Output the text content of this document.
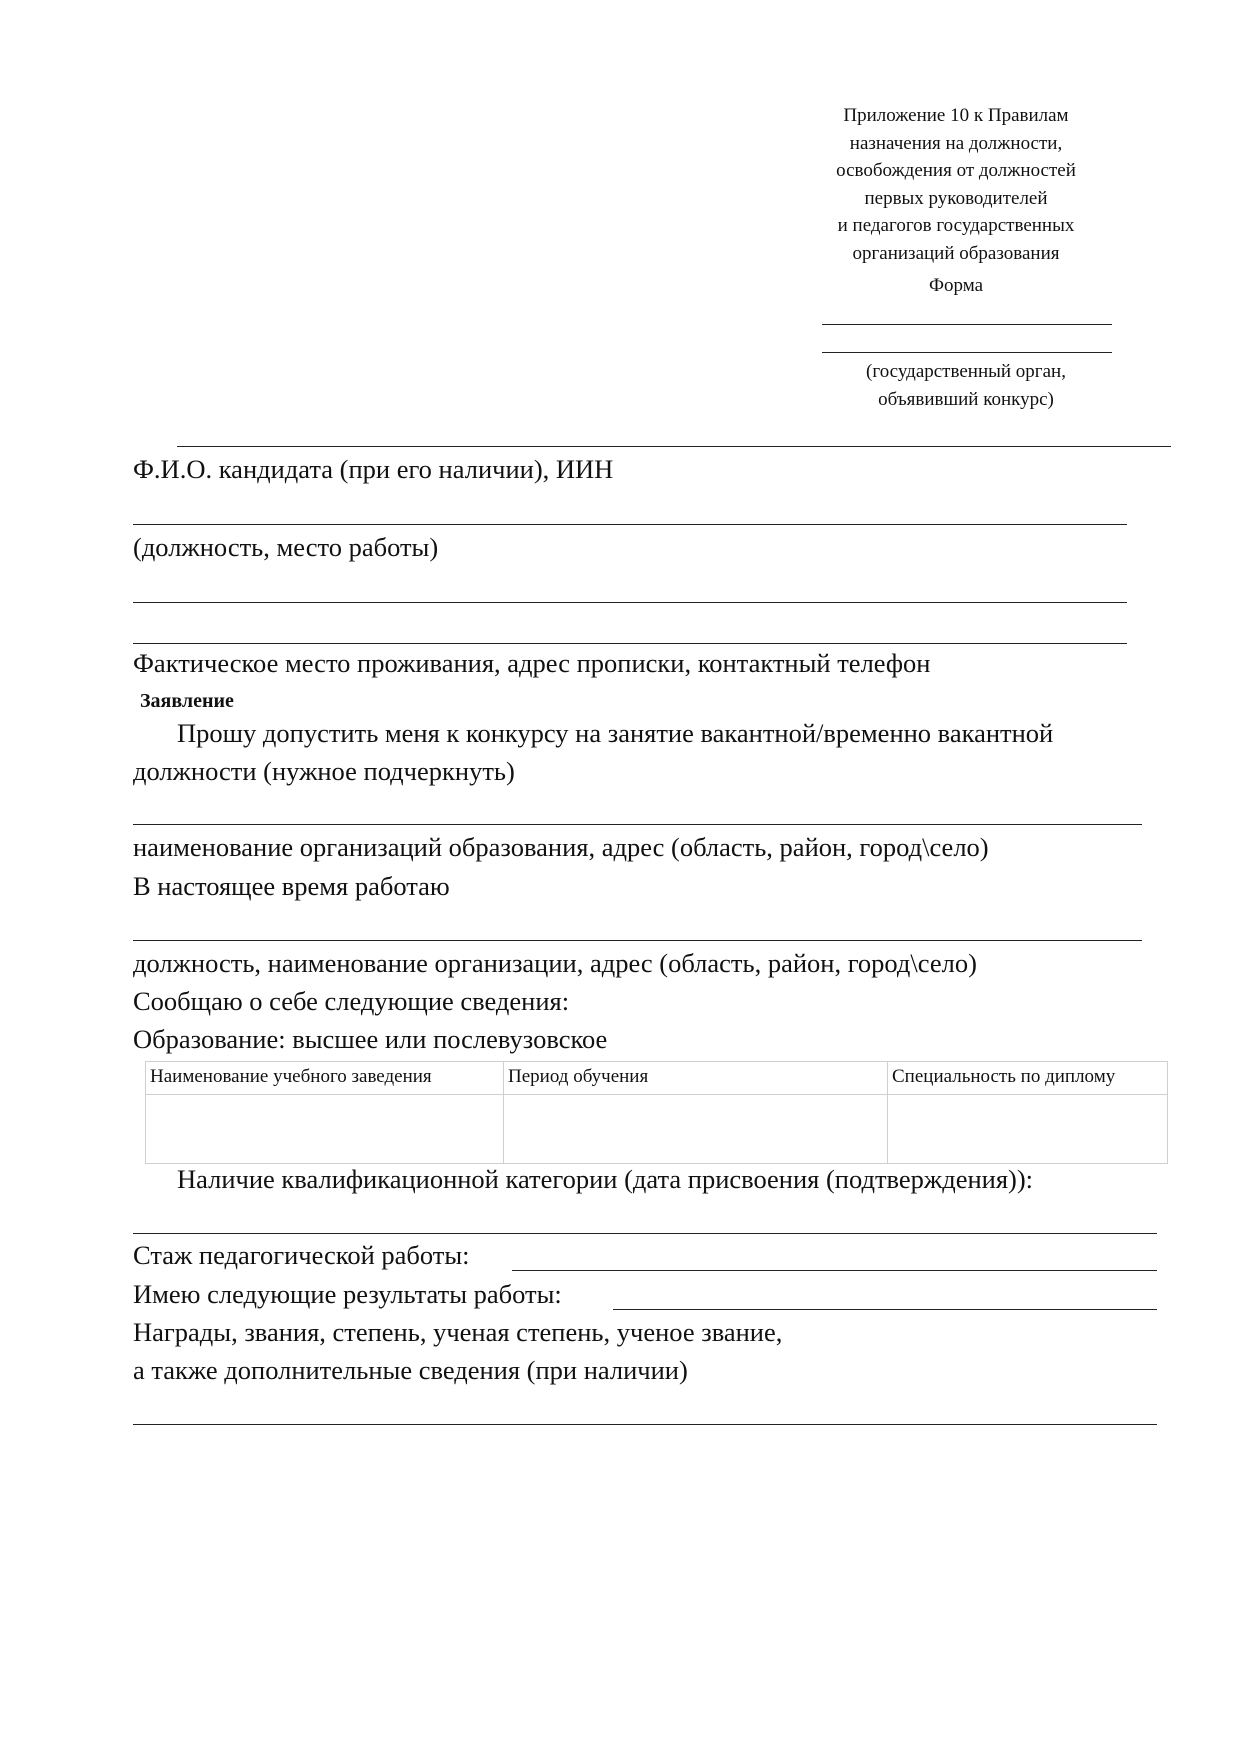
Приложение 10 к Правилам
назначения на должности,
освобождения от должностей
первых руководителей
и педагогов государственных
организаций образования
Форма
(государственный орган,
объявивший конкурс)
Ф.И.О. кандидата (при его наличии), ИИН
(должность, место работы)
Фактическое место проживания, адрес прописки, контактный телефон
Заявление
Прошу допустить меня к конкурсу на занятие вакантной/временно вакантной
должности (нужное подчеркнуть)
наименование организаций образования, адрес (область, район, город\село)
В настоящее время работаю
должность, наименование организации, адрес (область, район, город\село)
Сообщаю о себе следующие сведения:
Образование: высшее или послевузовское
Наименование учебного заведения	Период обучения	Специальность по диплому

Наличие квалификационной категории (дата присвоения (подтверждения)):
Стаж педагогической работы:
Имею следующие результаты работы:
Награды, звания, степень, ученая степень, ученое звание,
а также дополнительные сведения (при наличии)
